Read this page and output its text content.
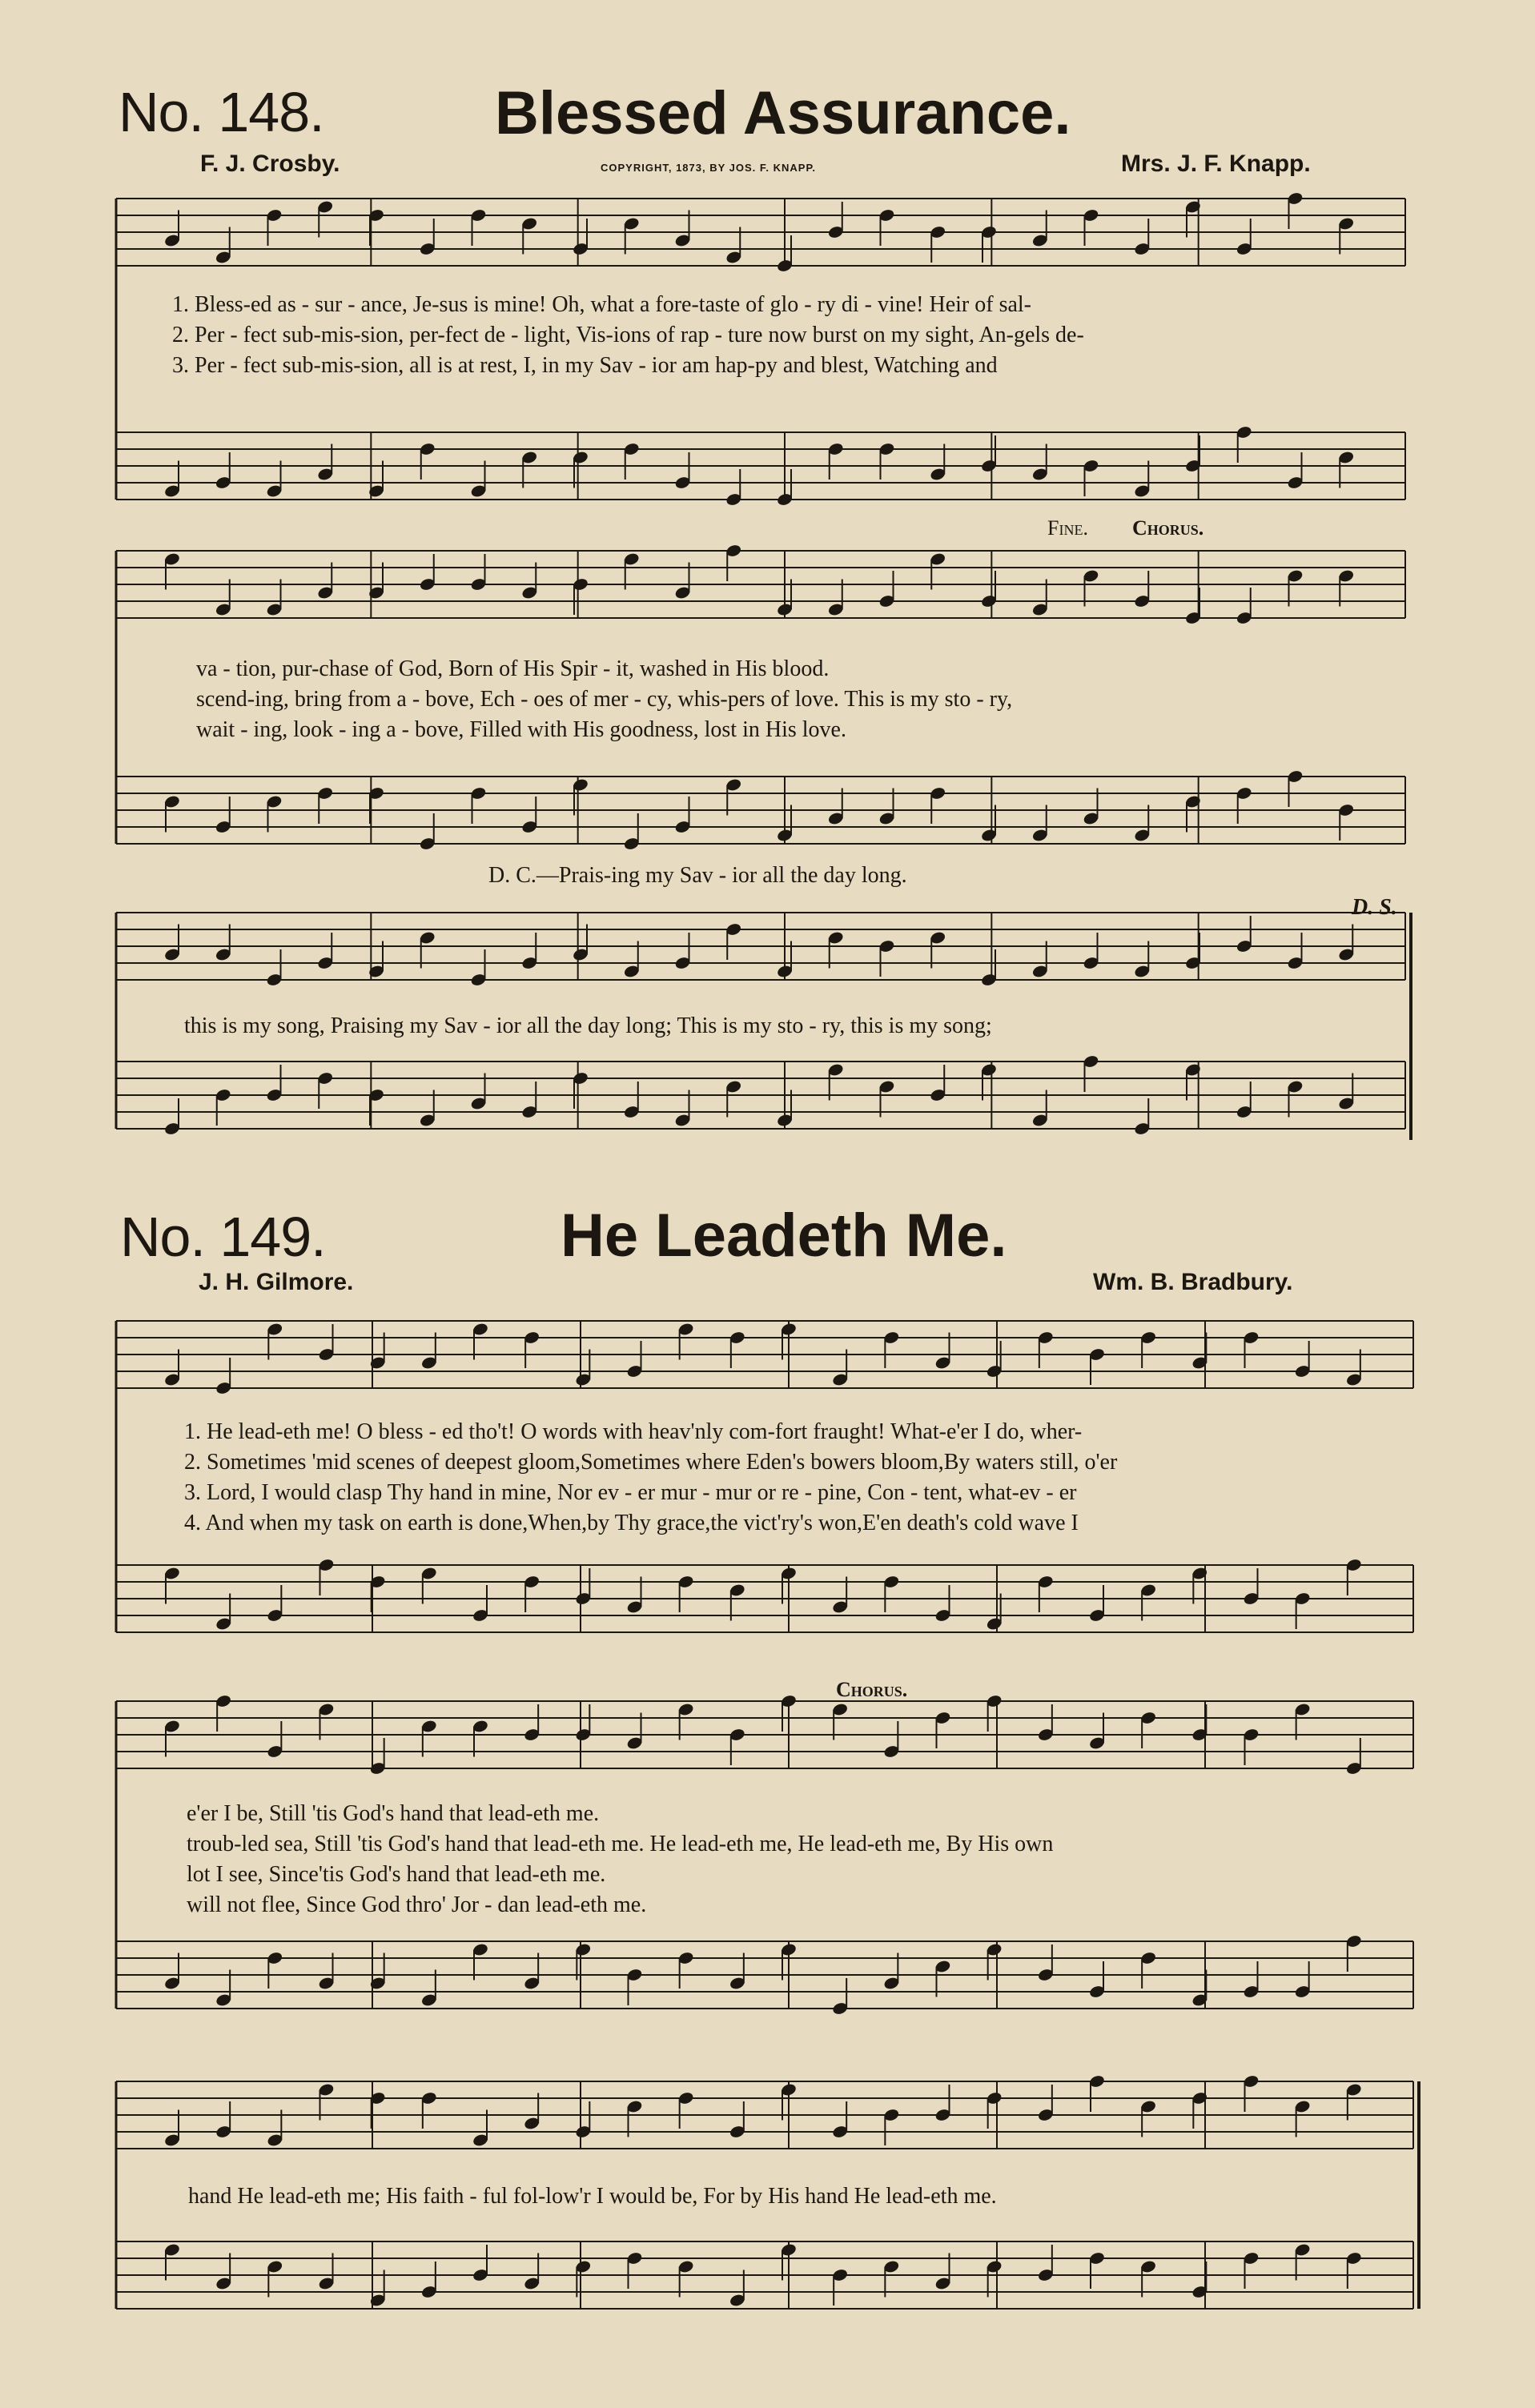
No. 148.	Blessed Assurance.
F. J. Crosby.	COPYRIGHT, 1873, BY JOS. F. KNAPP.	Mrs. J. F. Knapp.
1. Bless-ed as - sur - ance, Je-sus is mine! Oh, what a fore-taste of glo - ry di - vine! Heir of sal-
2. Per - fect sub-mis-sion, per-fect de - light, Vis-ions of rap - ture now burst on my sight, An-gels de-
3. Per - fect sub-mis-sion, all is at rest, I, in my Sav - ior am hap-py and blest, Watching and
Fine. Chorus.
va - tion, pur-chase of God, Born of His Spir - it, washed in His blood.
scend-ing, bring from a - bove, Ech - oes of mer - cy, whis-pers of love. This is my sto - ry,
wait - ing, look - ing a - bove, Filled with His goodness, lost in His love.
D. C.—Prais-ing my Sav - ior all the day long.
D. S.
this is my song, Praising my Sav - ior all the day long; This is my sto - ry, this is my song;
No. 149.	He Leadeth Me.
J. H. Gilmore.	Wm. B. Bradbury.
1. He lead-eth me! O bless - ed tho't! O words with heav'nly com-fort fraught! What-e'er I do, wher-
2. Sometimes 'mid scenes of deepest gloom,Sometimes where Eden's bowers bloom,By waters still, o'er
3. Lord, I would clasp Thy hand in mine, Nor ev - er mur - mur or re - pine, Con - tent, what-ev - er
4. And when my task on earth is done,When,by Thy grace,the vict'ry's won,E'en death's cold wave I
Chorus.
e'er I be, Still 'tis God's hand that lead-eth me.
troub-led sea, Still 'tis God's hand that lead-eth me. He lead-eth me, He lead-eth me, By His own
lot I see, Since'tis God's hand that lead-eth me.
will not flee, Since God thro' Jor - dan lead-eth me.
hand He lead-eth me; His faith - ful fol-low'r I would be, For by His hand He lead-eth me.
